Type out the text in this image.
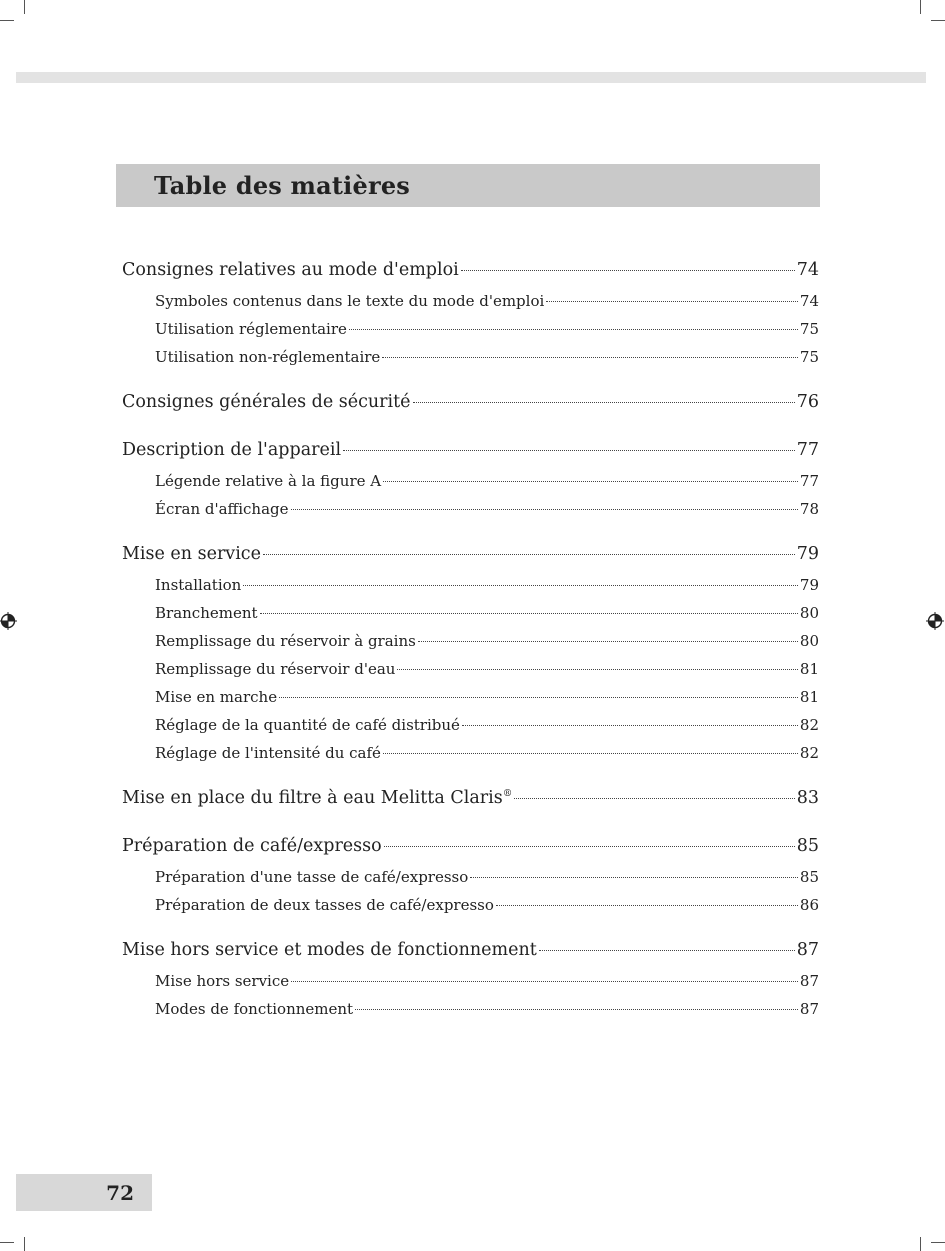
Table des matières
Consignes relatives au mode d'emploi	74
Symboles contenus dans le texte du mode d'emploi	74
Utilisation réglementaire	75
Utilisation non-réglementaire	75
Consignes générales de sécurité	76
Description de l'appareil	77
Légende relative à la figure A	77
Écran d'affichage	78
Mise en service	79
Installation	79
Branchement	80
Remplissage du réservoir à grains	80
Remplissage du réservoir d'eau	81
Mise en marche	81
Réglage de la quantité de café distribué	82
Réglage de l'intensité du café	82
Mise en place du filtre à eau Melitta Claris®	83
Préparation de café/expresso	85
Préparation d'une tasse de café/expresso	85
Préparation de deux tasses de café/expresso	86
Mise hors service et modes de fonctionnement	87
Mise hors service	87
Modes de fonctionnement	87
72
